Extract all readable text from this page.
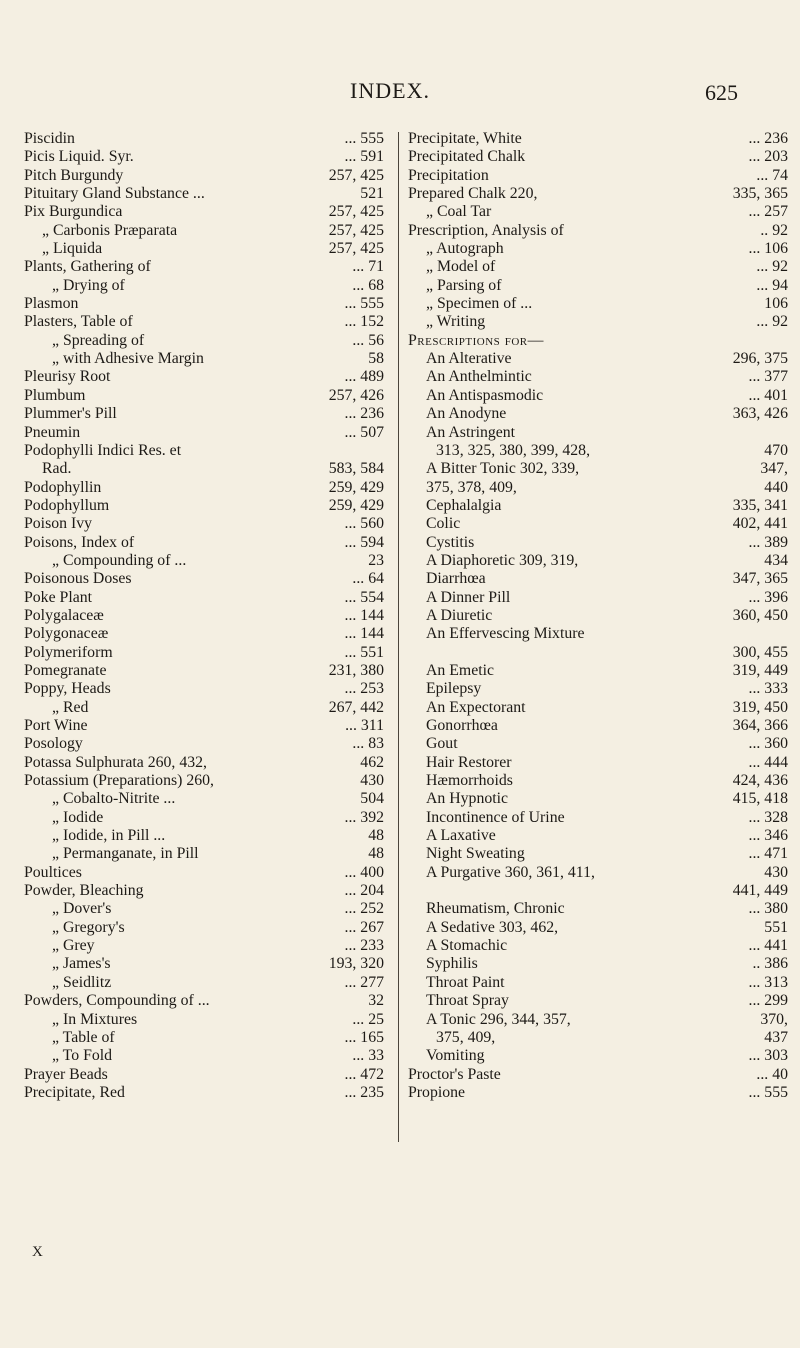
INDEX.	625
Piscidin	... 555
Picis Liquid. Syr.	... 591
Pitch Burgundy	257, 425
Pituitary Gland Substance ...	521
Pix Burgundica	257, 425
„ Carbonis Præparata	257, 425
„ Liquida	257, 425
Plants, Gathering of	... 71
„ Drying of	... 68
Plasmon	... 555
Plasters, Table of	... 152
„ Spreading of	... 56
„ with Adhesive Margin	58
Pleurisy Root	... 489
Plumbum	257, 426
Plummer's Pill	... 236
Pneumin	... 507
Podophylli Indici Res. et
Rad.	583, 584
Podophyllin	259, 429
Podophyllum	259, 429
Poison Ivy	... 560
Poisons, Index of	... 594
„ Compounding of ...	23
Poisonous Doses	... 64
Poke Plant	... 554
Polygalaceæ	... 144
Polygonaceæ	... 144
Polymeriform	... 551
Pomegranate	231, 380
Poppy, Heads	... 253
„ Red	267, 442
Port Wine	... 311
Posology	... 83
Potassa Sulphurata 260, 432,	462
Potassium (Preparations) 260,	430
„ Cobalto-Nitrite ...	504
„ Iodide	... 392
„ Iodide, in Pill ...	48
„ Permanganate, in Pill	48
Poultices	... 400
Powder, Bleaching	... 204
„ Dover's	... 252
„ Gregory's	... 267
„ Grey	... 233
„ James's	193, 320
„ Seidlitz	... 277
Powders, Compounding of ...	32
„ In Mixtures	... 25
„ Table of	... 165
„ To Fold	... 33
Prayer Beads	... 472
Precipitate, Red	... 235
Precipitate, White	... 236
Precipitated Chalk	... 203
Precipitation	... 74
Prepared Chalk 220,	335, 365
„ Coal Tar	... 257
Prescription, Analysis of	.. 92
„ Autograph	... 106
„ Model of	... 92
„ Parsing of	... 94
„ Specimen of ...	106
„ Writing	... 92
Prescriptions for—
An Alterative	296, 375
An Anthelmintic	... 377
An Antispasmodic	... 401
An Anodyne	363, 426
An Astringent
313, 325, 380, 399, 428,	470
A Bitter Tonic 302, 339,	347,
375, 378, 409,	440
Cephalalgia	335, 341
Colic	402, 441
Cystitis	... 389
A Diaphoretic 309, 319,	434
Diarrhœa	347, 365
A Dinner Pill	... 396
A Diuretic	360, 450
An Effervescing Mixture
300, 455
An Emetic	319, 449
Epilepsy	... 333
An Expectorant	319, 450
Gonorrhœa	364, 366
Gout	... 360
Hair Restorer	... 444
Hæmorrhoids	424, 436
An Hypnotic	415, 418
Incontinence of Urine	... 328
A Laxative	... 346
Night Sweating	... 471
A Purgative 360, 361, 411,	430
441, 449
Rheumatism, Chronic	... 380
A Sedative 303, 462,	551
A Stomachic	... 441
Syphilis	.. 386
Throat Paint	... 313
Throat Spray	... 299
A Tonic 296, 344, 357,	370,
375, 409,	437
Vomiting	... 303
Proctor's Paste	... 40
Propione	... 555
X
